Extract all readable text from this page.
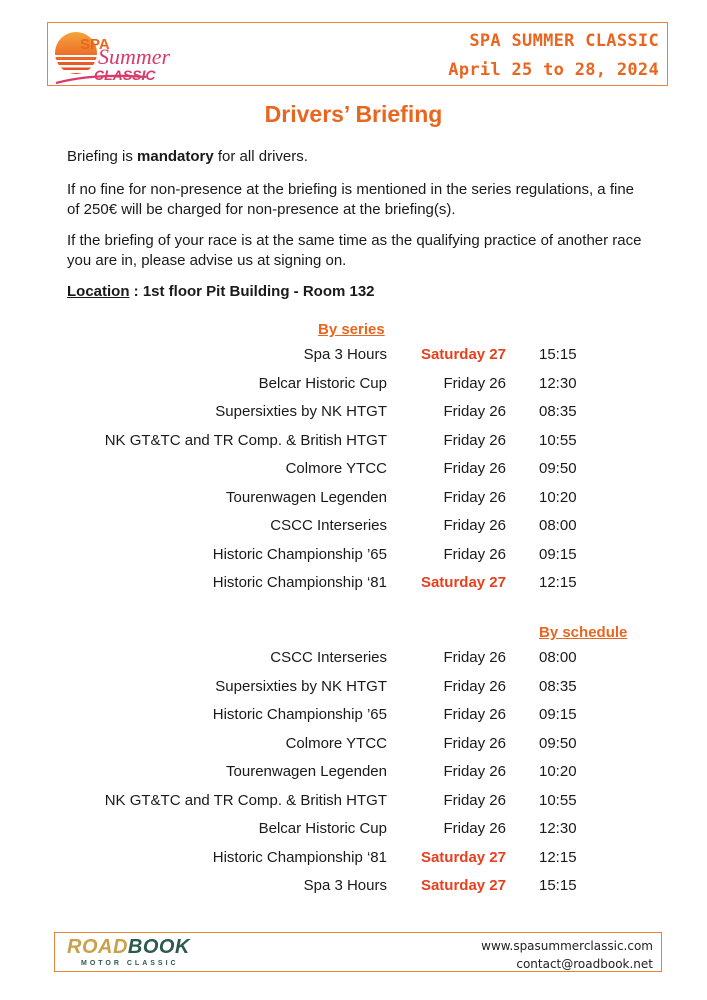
SPA
Summer
CLASSIC
SPA SUMMER CLASSIC
April 25 to 28, 2024
Drivers’ Briefing
Briefing is mandatory for all drivers.
If no fine for non-presence at the briefing is mentioned in the series regulations, a fine of 250€ will be charged for non-presence at the briefing(s).
If the briefing of your race is at the same time as the qualifying practice of another race you are in, please advise us at signing on.
Location : 1st floor Pit Building - Room 132
By series
Spa 3 Hours Saturday 27 15:15
Belcar Historic Cup	Friday 26 12:30
Supersixties by NK HTGT	Friday 26 08:35
NK GT&TC and TR Comp. & British HTGT	Friday 26 10:55
Colmore YTCC	Friday 26 09:50
Tourenwagen Legenden	Friday 26 10:20
CSCC Interseries	Friday 26 08:00
Historic Championship ’65	Friday 26 09:15
Historic Championship ‘81 Saturday 27 12:15
By schedule
CSCC Interseries	Friday 26 08:00
Supersixties by NK HTGT	Friday 26 08:35
Historic Championship ’65	Friday 26 09:15
Colmore YTCC	Friday 26 09:50
Tourenwagen Legenden	Friday 26 10:20
NK GT&TC and TR Comp. & British HTGT	Friday 26 10:55
Belcar Historic Cup	Friday 26 12:30
Historic Championship ‘81 Saturday 27 12:15
Spa 3 Hours Saturday 27 15:15
ROADBOOK
MOTOR CLASSIC
www.spasummerclassic.com
contact@roadbook.net
